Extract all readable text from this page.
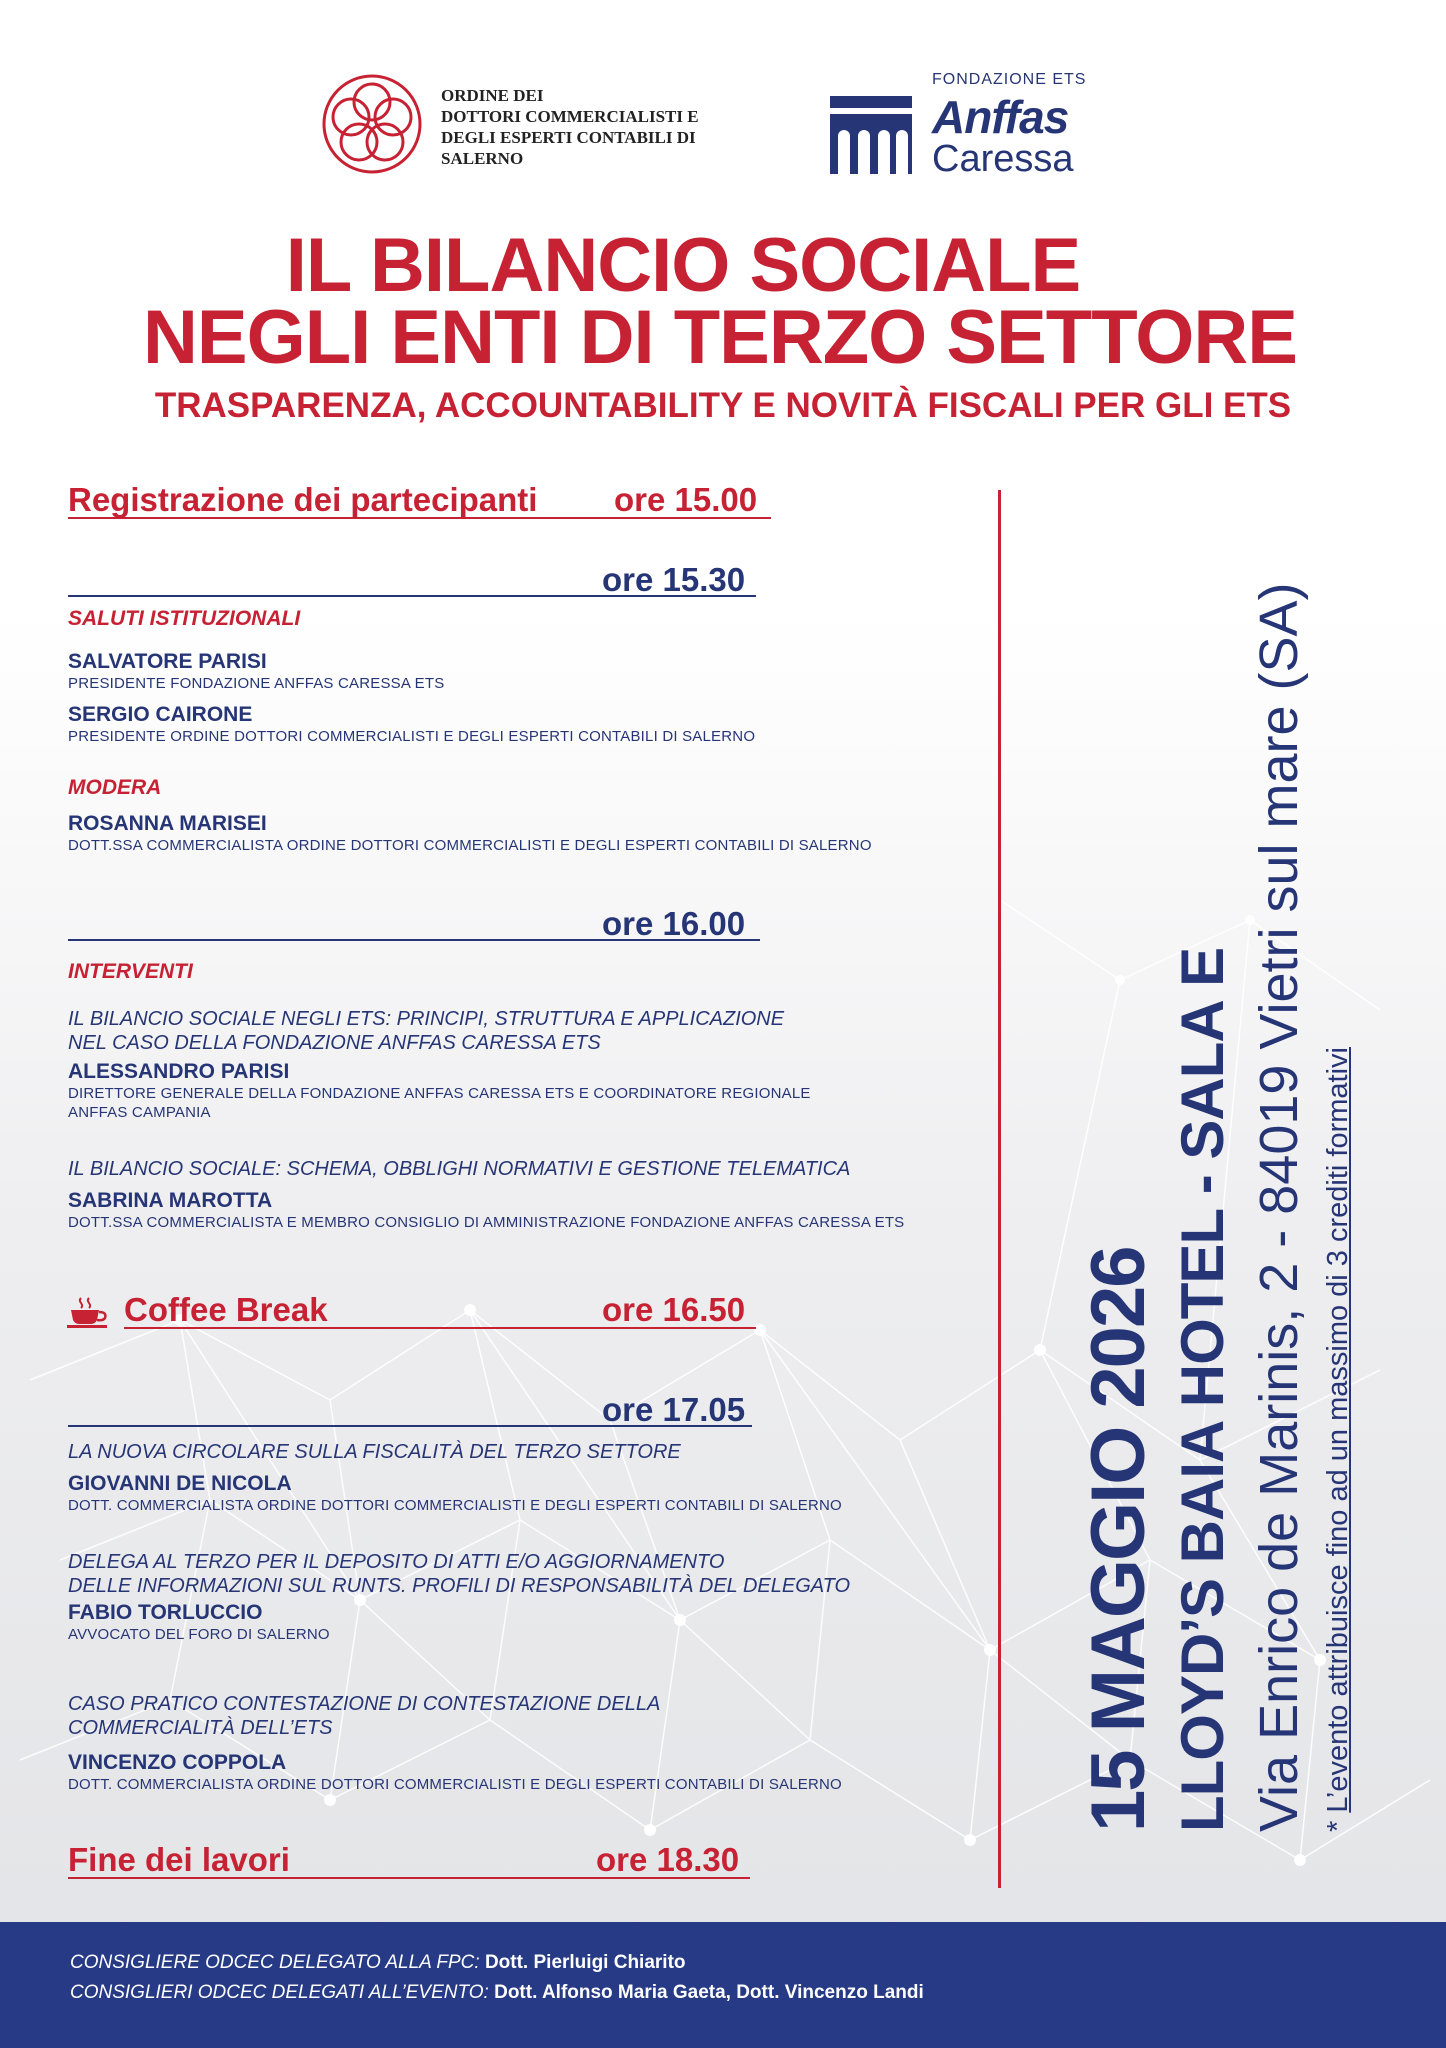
ORDINE DEI
DOTTORI COMMERCIALISTI E
DEGLI ESPERTI CONTABILI DI
SALERNO
FONDAZIONE ETS
Anffas
Caressa
IL BILANCIO SOCIALE
NEGLI ENTI DI TERZO SETTORE
TRASPARENZA, ACCOUNTABILITY E NOVITÀ FISCALI PER GLI ETS
Registrazione dei partecipanti ore 15.00
ore 15.30
SALUTI ISTITUZIONALI
SALVATORE PARISI
PRESIDENTE FONDAZIONE ANFFAS CARESSA ETS
SERGIO CAIRONE
PRESIDENTE ORDINE DOTTORI COMMERCIALISTI E DEGLI ESPERTI CONTABILI DI SALERNO
MODERA
ROSANNA MARISEI
DOTT.SSA COMMERCIALISTA ORDINE DOTTORI COMMERCIALISTI E DEGLI ESPERTI CONTABILI DI SALERNO
ore 16.00
INTERVENTI
IL BILANCIO SOCIALE NEGLI ETS: PRINCIPI, STRUTTURA E APPLICAZIONE
NEL CASO DELLA FONDAZIONE ANFFAS CARESSA ETS
ALESSANDRO PARISI
DIRETTORE GENERALE DELLA FONDAZIONE ANFFAS CARESSA ETS E COORDINATORE REGIONALE
ANFFAS CAMPANIA
IL BILANCIO SOCIALE: SCHEMA, OBBLIGHI NORMATIVI E GESTIONE TELEMATICA
SABRINA MAROTTA
DOTT.SSA COMMERCIALISTA E MEMBRO CONSIGLIO DI AMMINISTRAZIONE FONDAZIONE ANFFAS CARESSA ETS
Coffee Break	ore 16.50
ore 17.05
LA NUOVA CIRCOLARE SULLA FISCALITÀ DEL TERZO SETTORE
GIOVANNI DE NICOLA
DOTT. COMMERCIALISTA ORDINE DOTTORI COMMERCIALISTI E DEGLI ESPERTI CONTABILI DI SALERNO
DELEGA AL TERZO PER IL DEPOSITO DI ATTI E/O AGGIORNAMENTO
DELLE INFORMAZIONI SUL RUNTS. PROFILI DI RESPONSABILITÀ DEL DELEGATO
FABIO TORLUCCIO
AVVOCATO DEL FORO DI SALERNO
CASO PRATICO CONTESTAZIONE DI CONTESTAZIONE DELLA
COMMERCIALITÀ DELL’ETS
VINCENZO COPPOLA
DOTT. COMMERCIALISTA ORDINE DOTTORI COMMERCIALISTI E DEGLI ESPERTI CONTABILI DI SALERNO
Fine dei lavori	ore 18.30
15 MAGGIO 2026 LLOYD’S BAIA HOTEL - SALA E Via Enrico de Marinis, 2 - 84019 Vietri sul mare (SA) * L’evento attribuisce fino ad un massimo di 3 crediti formativi
CONSIGLIERE ODCEC DELEGATO ALLA FPC: Dott. Pierluigi Chiarito
CONSIGLIERI ODCEC DELEGATI ALL’EVENTO: Dott. Alfonso Maria Gaeta, Dott. Vincenzo Landi
